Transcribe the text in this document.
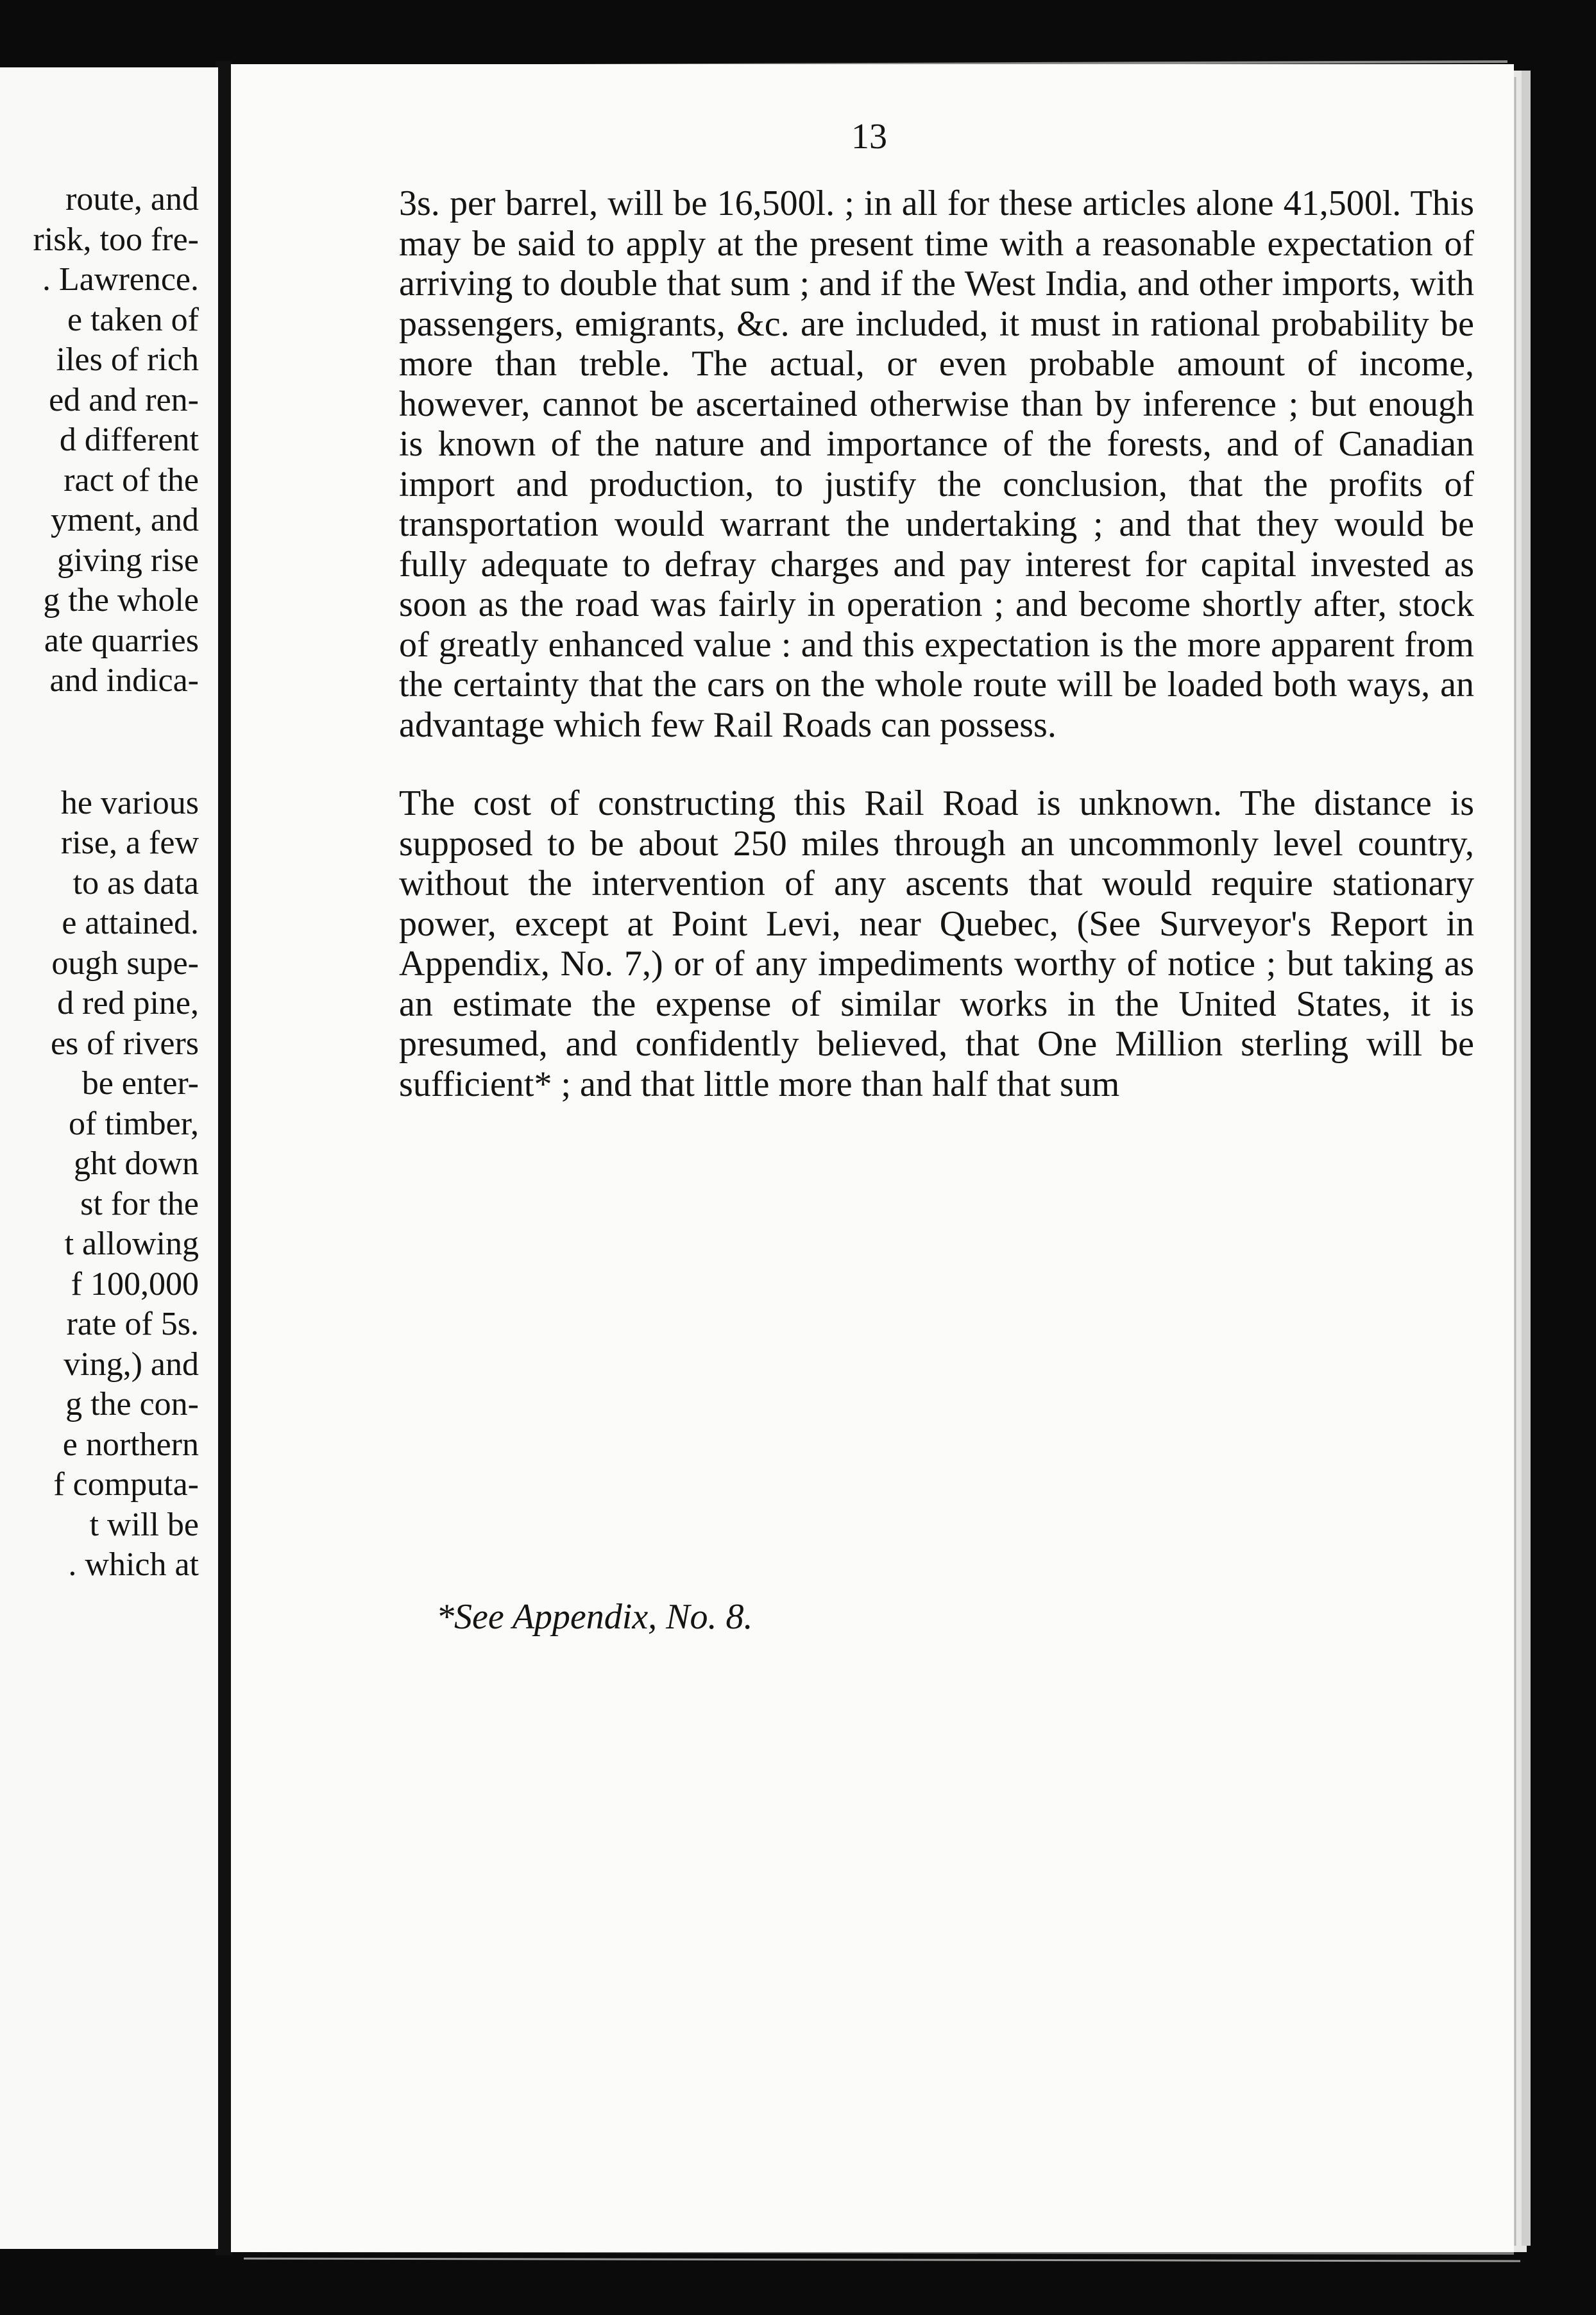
route, and
risk, too fre-
. Lawrence.
e taken of
iles of rich
ed and ren-
d different
ract of the
yment, and
giving rise
g the whole
ate quarries
and indica-
he various
rise, a few
to as data
e attained.
ough supe-
d red pine,
es of rivers
be enter-
of timber,
ght down
st for the
t allowing
f 100,000
rate of 5s.
ving,) and
g the con-
e northern
f computa-
t will be
. which at
13

3s. per barrel, will be 16,500l. ; in all for these articles alone 41,500l. This may be said to apply at the present time with a reasonable expectation of arriving to double that sum ; and if the West India, and other imports, with passengers, emigrants, &c. are included, it must in rational probability be more than treble. The actual, or even probable amount of income, however, cannot be ascertained otherwise than by inference ; but enough is known of the nature and importance of the forests, and of Canadian import and production, to justify the conclusion, that the profits of transportation would warrant the undertaking ; and that they would be fully adequate to defray charges and pay interest for capital invested as soon as the road was fairly in operation ; and become shortly after, stock of greatly enhanced value : and this expectation is the more apparent from the certainty that the cars on the whole route will be loaded both ways, an advantage which few Rail Roads can possess.

The cost of constructing this Rail Road is unknown. The distance is supposed to be about 250 miles through an uncommonly level country, without the intervention of any ascents that would require stationary power, except at Point Levi, near Quebec, (See Surveyor's Report in Appendix, No. 7,) or of any impediments worthy of notice ; but taking as an estimate the expense of similar works in the United States, it is presumed, and confidently believed, that One Million sterling will be sufficient* ; and that little more than half that sum

*See Appendix, No. 8.
